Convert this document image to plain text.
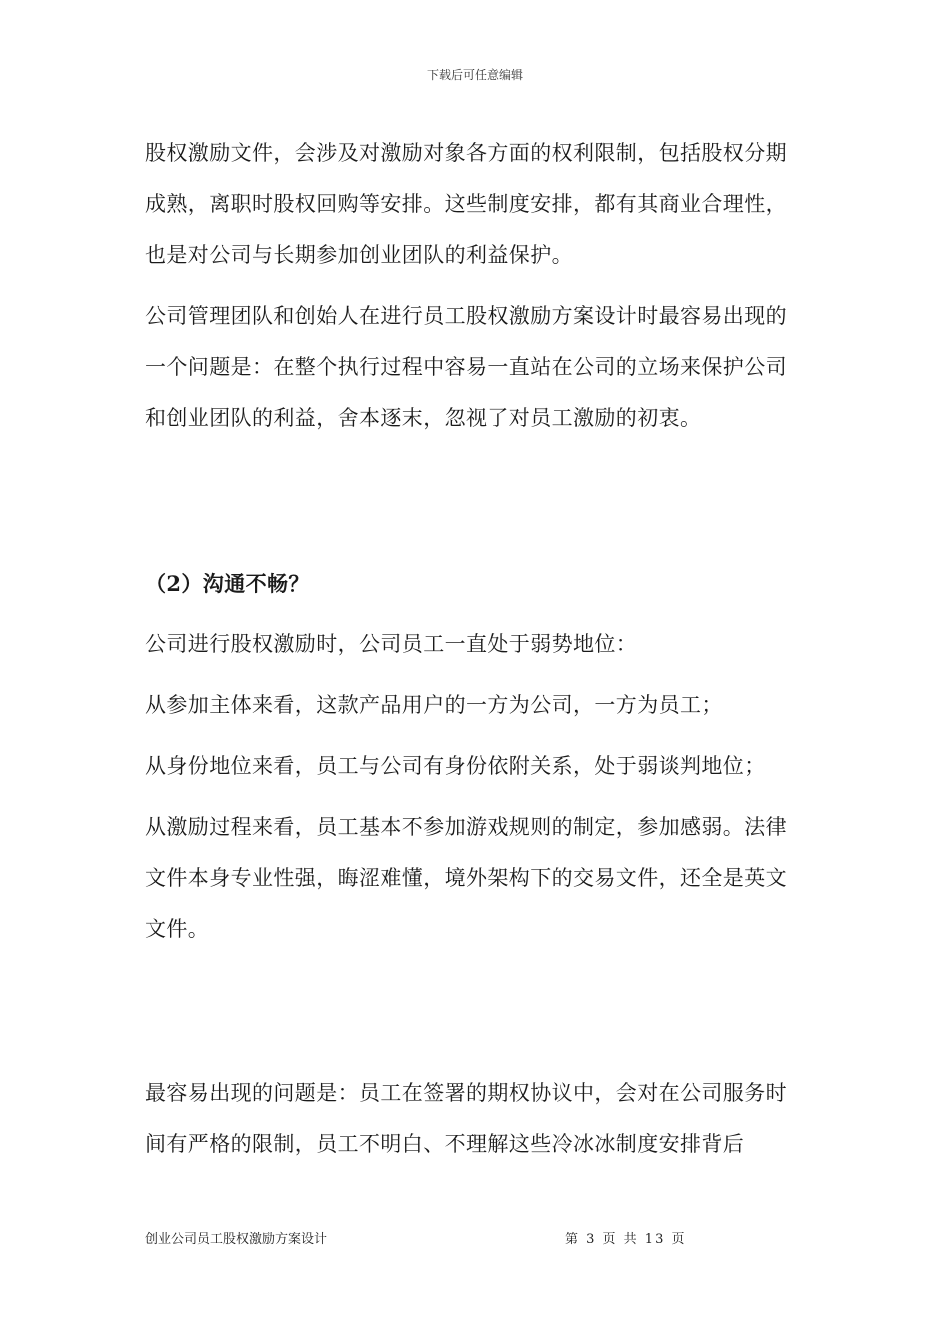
下载后可任意编辑

股权激励文件，会涉及对激励对象各方面的权利限制，包括股权分期成熟，离职时股权回购等安排。这些制度安排，都有其商业合理性，也是对公司与长期参加创业团队的利益保护。

公司管理团队和创始人在进行员工股权激励方案设计时最容易出现的一个问题是：在整个执行过程中容易一直站在公司的立场来保护公司和创业团队的利益，舍本逐末，忽视了对员工激励的初衷。

（2）沟通不畅？

公司进行股权激励时，公司员工一直处于弱势地位：

从参加主体来看，这款产品用户的一方为公司，一方为员工；

从身份地位来看，员工与公司有身份依附关系，处于弱谈判地位；

从激励过程来看，员工基本不参加游戏规则的制定，参加感弱。法律文件本身专业性强，晦涩难懂，境外架构下的交易文件，还全是英文文件。

最容易出现的问题是：员工在签署的期权协议中，会对在公司服务时间有严格的限制，员工不明白、不理解这些冷冰冰制度安排背后

创业公司员工股权激励方案设计	第 3 页 共 13 页
